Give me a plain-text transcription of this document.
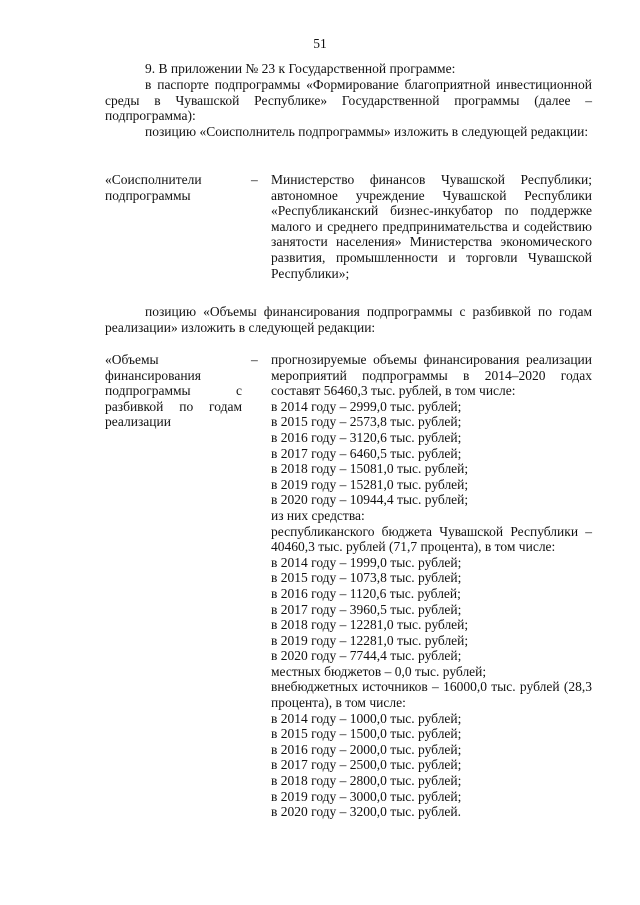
51

9. В приложении № 23 к Государственной программе:

в паспорте подпрограммы «Формирование благоприятной инвестиционной среды в Чувашской Республике» Государственной программы (далее – подпрограмма):

позицию «Соисполнитель подпрограммы» изложить в следующей редакции:

«Соисполнители подпрограммы
– Министерство финансов Чувашской Республики; автономное учреждение Чувашской Республики «Республиканский бизнес-инкубатор по поддержке малого и среднего предпринимательства и содействию занятости населения» Министерства экономического развития, промышленности и торговли Чувашской Республики»;

позицию «Объемы финансирования подпрограммы с разбивкой по годам реализации» изложить в следующей редакции:

«Объемы финансирования подпрограммы с разбивкой по годам реализации
– прогнозируемые объемы финансирования реализации мероприятий подпрограммы в 2014–2020 годах составят 56460,3 тыс. рублей, в том числе:
в 2014 году – 2999,0 тыс. рублей;
в 2015 году – 2573,8 тыс. рублей;
в 2016 году – 3120,6 тыс. рублей;
в 2017 году – 6460,5 тыс. рублей;
в 2018 году – 15081,0 тыс. рублей;
в 2019 году – 15281,0 тыс. рублей;
в 2020 году – 10944,4 тыс. рублей;
из них средства:
республиканского бюджета Чувашской Республики – 40460,3 тыс. рублей (71,7 процента), в том числе:
в 2014 году – 1999,0 тыс. рублей;
в 2015 году – 1073,8 тыс. рублей;
в 2016 году – 1120,6 тыс. рублей;
в 2017 году – 3960,5 тыс. рублей;
в 2018 году – 12281,0 тыс. рублей;
в 2019 году – 12281,0 тыс. рублей;
в 2020 году – 7744,4 тыс. рублей;
местных бюджетов – 0,0 тыс. рублей;
внебюджетных источников – 16000,0 тыс. рублей (28,3 процента), в том числе:
в 2014 году – 1000,0 тыс. рублей;
в 2015 году – 1500,0 тыс. рублей;
в 2016 году – 2000,0 тыс. рублей;
в 2017 году – 2500,0 тыс. рублей;
в 2018 году – 2800,0 тыс. рублей;
в 2019 году – 3000,0 тыс. рублей;
в 2020 году – 3200,0 тыс. рублей.
